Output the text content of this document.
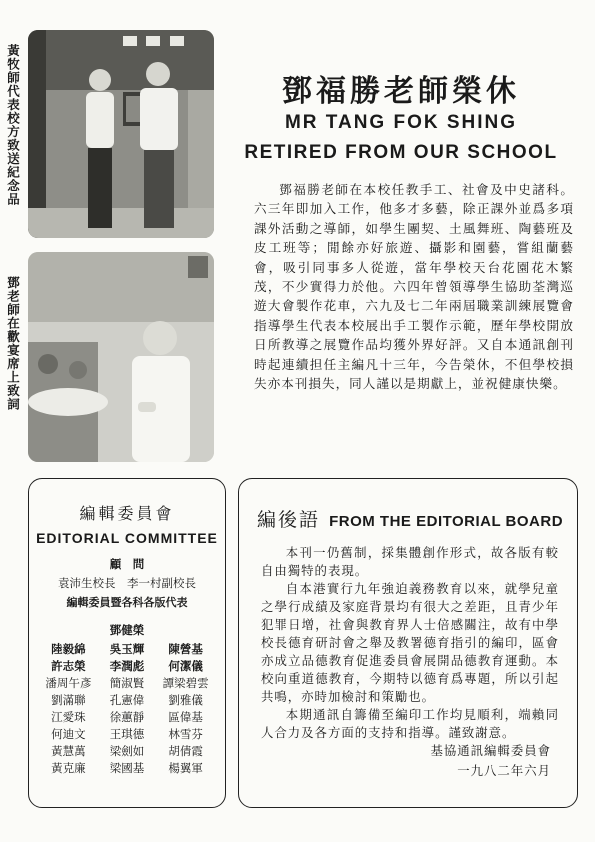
黃牧師代表校方致送紀念品
鄧老師在歡宴席上致詞
鄧福勝老師榮休
MR TANG FOK SHING
RETIRED FROM OUR SCHOOL
鄧福勝老師在本校任教手工、社會及中史諸科。六三年即加入工作，他多才多藝，除正課外並爲多項課外活動之導師，如學生團契、土風舞班、陶藝班及皮工班等；閒餘亦好旅遊、攝影和園藝，嘗組蘭藝會，吸引同事多人從遊，當年學校天台花園花木繁茂，不少實得力於他。六四年曾領導學生協助荃灣巡遊大會製作花車，六九及七二年兩屆職業訓練展覽會指導學生代表本校展出手工製作示範，歷年學校開放日所教導之展覽作品均獲外界好評。又自本通訊創刊時起連續担任主編凡十三年，今告榮休，不但學校損失亦本刊損失，同人謹以是期獻上，並祝健康快樂。
編輯委員會
EDITORIAL COMMITTEE
顧　問
袁沛生校長　李一村副校長
編輯委員暨各科各版代表
鄧健榮
陸毅綿	吳玉輝	陳營基
許志榮	李潤彪	何潔儀
潘周午彥	簡淑賢	譚梁碧雲
劉滿聯	孔憲偉	劉雅儀
江愛珠	徐蕙靜	區偉基
何迪文	王琪德	林雪芬
黃慧萬	梁劍如	胡倩霞
黃克廉	梁國基	楊翼軍
編後語 FROM THE EDITORIAL BOARD

本刊一仍舊制，採集體創作形式，故各版有較自由獨特的表現。

自本港實行九年強迫義務教育以來，就學兒童之學行成績及家庭背景均有很大之差距，且青少年犯罪日增，社會與教育界人士倍感關注，故有中學校長德育研討會之舉及教署德育指引的編印，區會亦成立品德教育促進委員會展開品德教育運動。本校向重道德教育，今期特以德育爲專題，所以引起共鳴，亦時加檢討和策勵也。

本期通訊自籌備至編印工作均見順利，端賴同人合力及各方面的支持和指導。謹致謝意。

基協通訊編輯委員會
一九八二年六月
